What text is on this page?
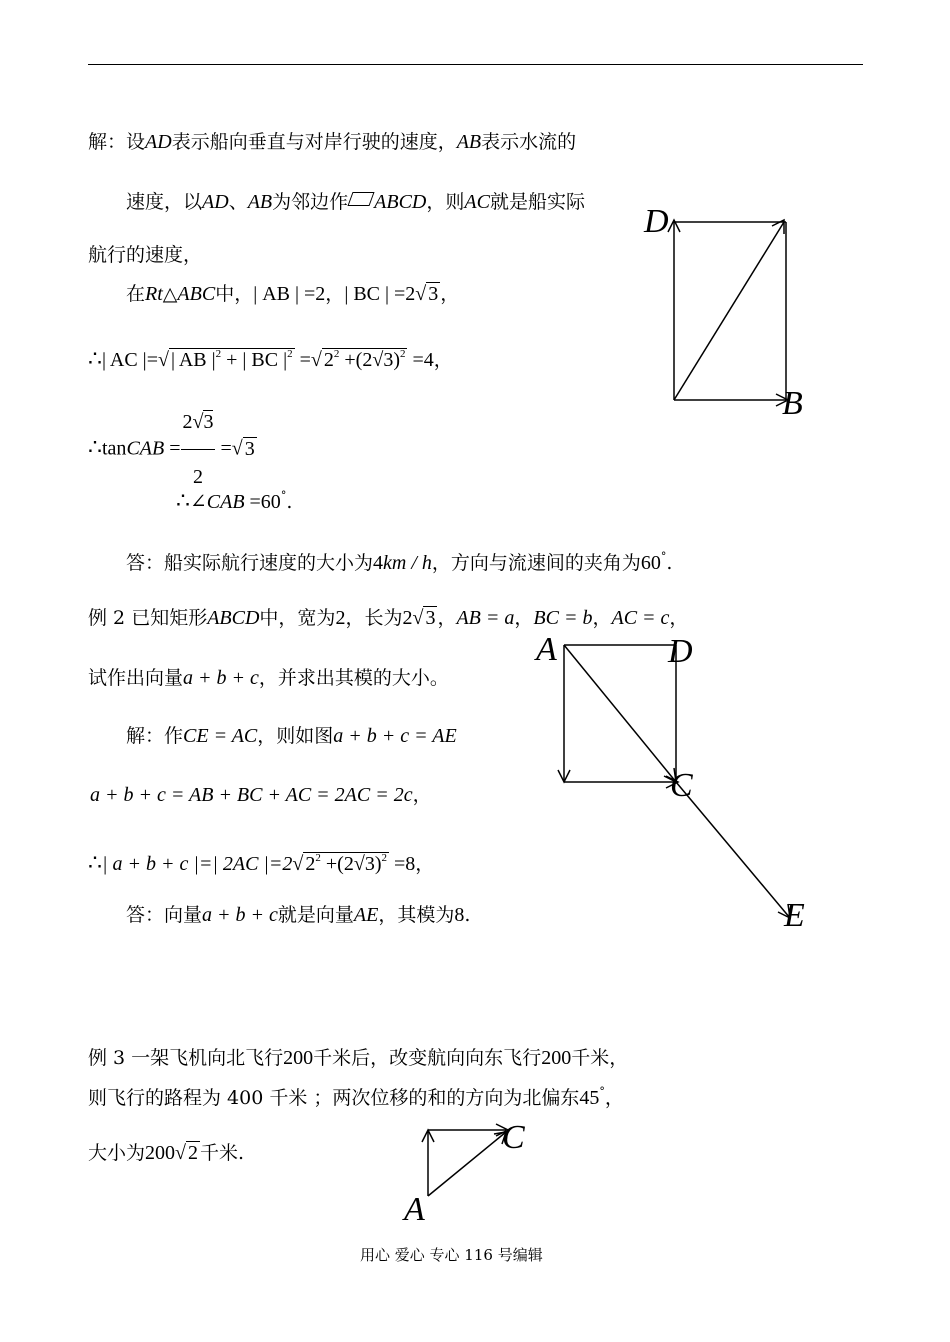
解：设AD表示船向垂直与对岸行驶的速度，AB表示水流的
速度，以AD、AB为邻边作 ABCD，则AC就是船实际
航行的速度，
在Rt△ABC中，| AB | =2，| BC | =2√ 3 ，
∴| AC |=√ | AB $|^2$ + | BC $|^2$ =√ $2^2 +(2√3)^2 =4$，
∴tanCAB = $\frac{2√3}{2}$ =√ 3
∴∠CAB =60°.
答：船实际航行速度的大小为4km / h，方向与流速间的夹角为60°.
例 2 已知矩形ABCD中，宽为2，长为2√ 3 ，AB = a，BC = b，AC = c，
试作出向量a + b + c，并求出其模的大小。
解：作CE = AC，则如图a + b + c = AE
a + b + c = AB + BC + AC = 2AC = 2c，
∴| a + b + c |=| 2AC |=2√ $2^2 +(2√3)^2 =8$，
答：向量a + b + c就是向量AE，其模为8.
例 3 一架飞机向北飞行200千米后，改变航向向东飞行200千米，
则飞行的路程为 400 千米 ；两次位移的和的方向为北偏东45°，
大小为200√ 2 千米.
D
B
A	D
C
E
C
A
用心 爱心 专心 116 号编辑
